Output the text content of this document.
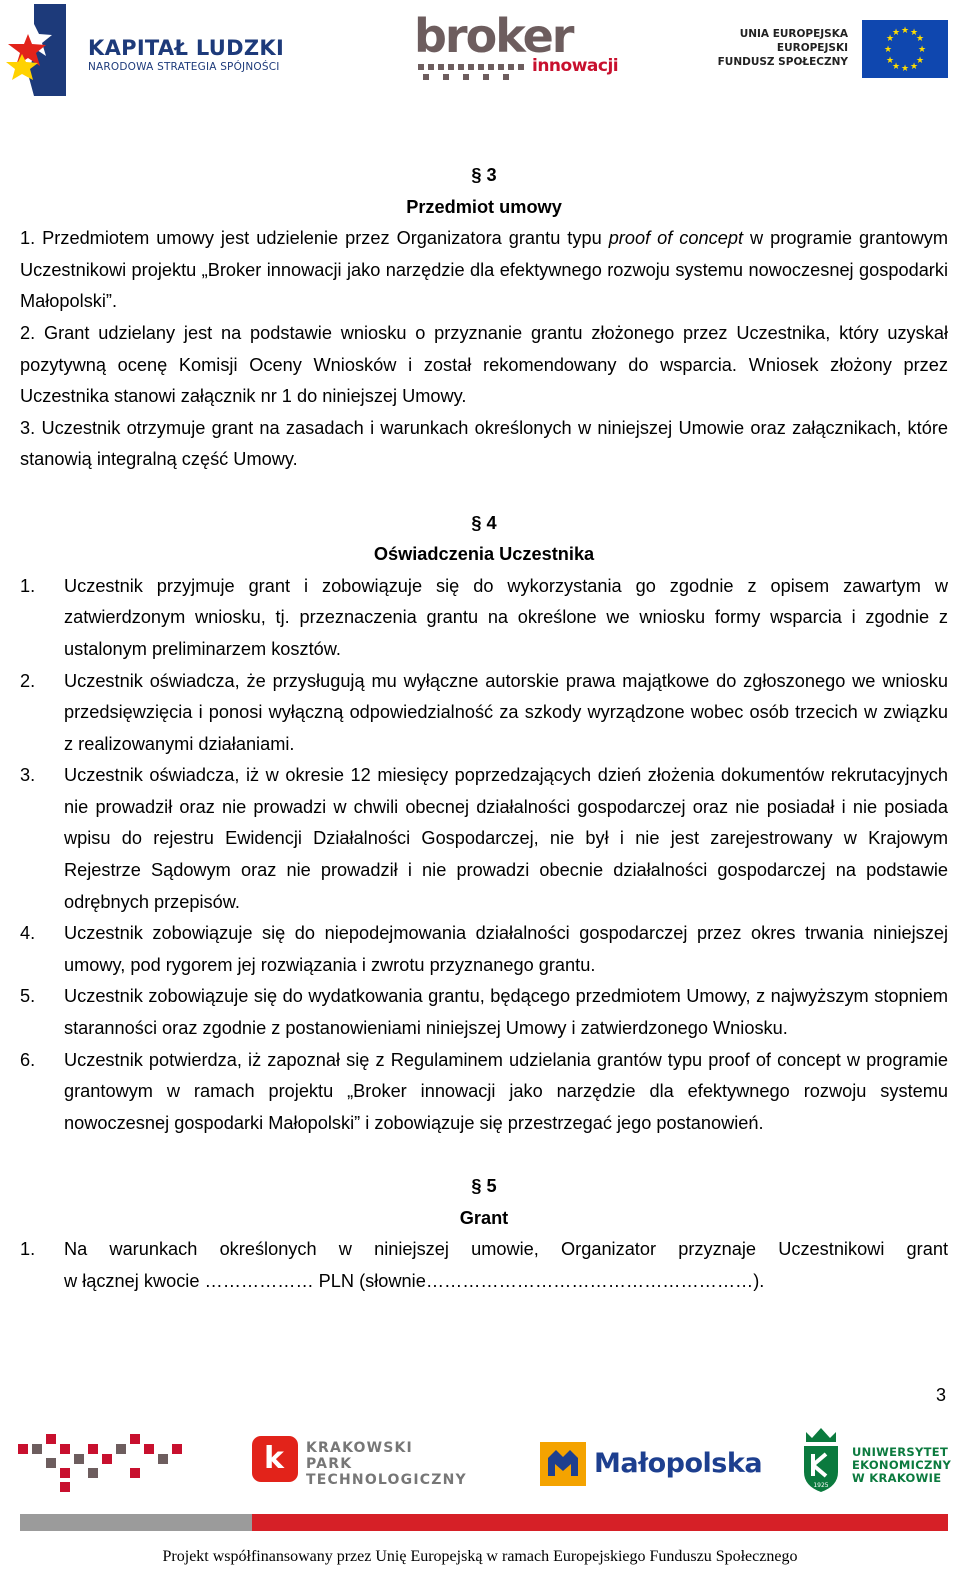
KAPITAŁ LUDZKI
NARODOWA STRATEGIA SPÓJNOŚCI
broker
innowacji
UNIA EUROPEJSKA
EUROPEJSKI
FUNDUSZ SPOŁECZNY
★ ★
★
★
★
★
★
★
★
★
★
★
§ 3
Przedmiot umowy
1. Przedmiotem umowy jest udzielenie przez Organizatora grantu typu proof of concept w programie grantowym Uczestnikowi projektu „Broker innowacji jako narzędzie dla efektywnego rozwoju systemu nowoczesnej gospodarki Małopolski”.
2. Grant udzielany jest na podstawie wniosku o przyznanie grantu złożonego przez Uczestnika, który uzyskał pozytywną ocenę Komisji Oceny Wniosków i został rekomendowany do wsparcia. Wniosek złożony przez Uczestnika stanowi załącznik nr 1 do niniejszej Umowy.
3. Uczestnik otrzymuje grant na zasadach i warunkach określonych w niniejszej Umowie oraz załącznikach, które stanowią integralną część Umowy.
§ 4
Oświadczenia Uczestnika
1. Uczestnik przyjmuje grant i zobowiązuje się do wykorzystania go zgodnie z opisem zawartym w zatwierdzonym wniosku, tj. przeznaczenia grantu na określone we wniosku formy wsparcia i zgodnie z ustalonym preliminarzem kosztów.
2. Uczestnik oświadcza, że przysługują mu wyłączne autorskie prawa majątkowe do zgłoszonego we wniosku przedsięwzięcia i ponosi wyłączną odpowiedzialność za szkody wyrządzone wobec osób trzecich w związku z realizowanymi działaniami.
3. Uczestnik oświadcza, iż w okresie 12 miesięcy poprzedzających dzień złożenia dokumentów rekrutacyjnych nie prowadził oraz nie prowadzi w chwili obecnej działalności gospodarczej oraz nie posiadał i nie posiada wpisu do rejestru Ewidencji Działalności Gospodarczej, nie był i nie jest zarejestrowany w Krajowym Rejestrze Sądowym oraz nie prowadził i nie prowadzi obecnie działalności gospodarczej na podstawie odrębnych przepisów.
4. Uczestnik zobowiązuje się do niepodejmowania działalności gospodarczej przez okres trwania niniejszej umowy, pod rygorem jej rozwiązania i zwrotu przyznanego grantu.
5. Uczestnik zobowiązuje się do wydatkowania grantu, będącego przedmiotem Umowy, z najwyższym stopniem staranności oraz zgodnie z postanowieniami niniejszej Umowy i zatwierdzonego Wniosku.
6. Uczestnik potwierdza, iż zapoznał się z Regulaminem udzielania grantów typu proof of concept w programie grantowym w ramach projektu „Broker innowacji jako narzędzie dla efektywnego rozwoju systemu nowoczesnej gospodarki Małopolski” i zobowiązuje się przestrzegać jego postanowień.
§ 5
Grant
1. Na warunkach określonych w niniejszej umowie, Organizator przyznaje Uczestnikowi grant
w łącznej kwocie ……………… PLN (słownie………………………………………………).
3
k KRAKOWSKI
PARK
TECHNOLOGICZNY
Małopolska
1925
UNIWERSYTET
EKONOMICZNY
W KRAKOWIE
Projekt współfinansowany przez Unię Europejską w ramach Europejskiego Funduszu Społecznego
